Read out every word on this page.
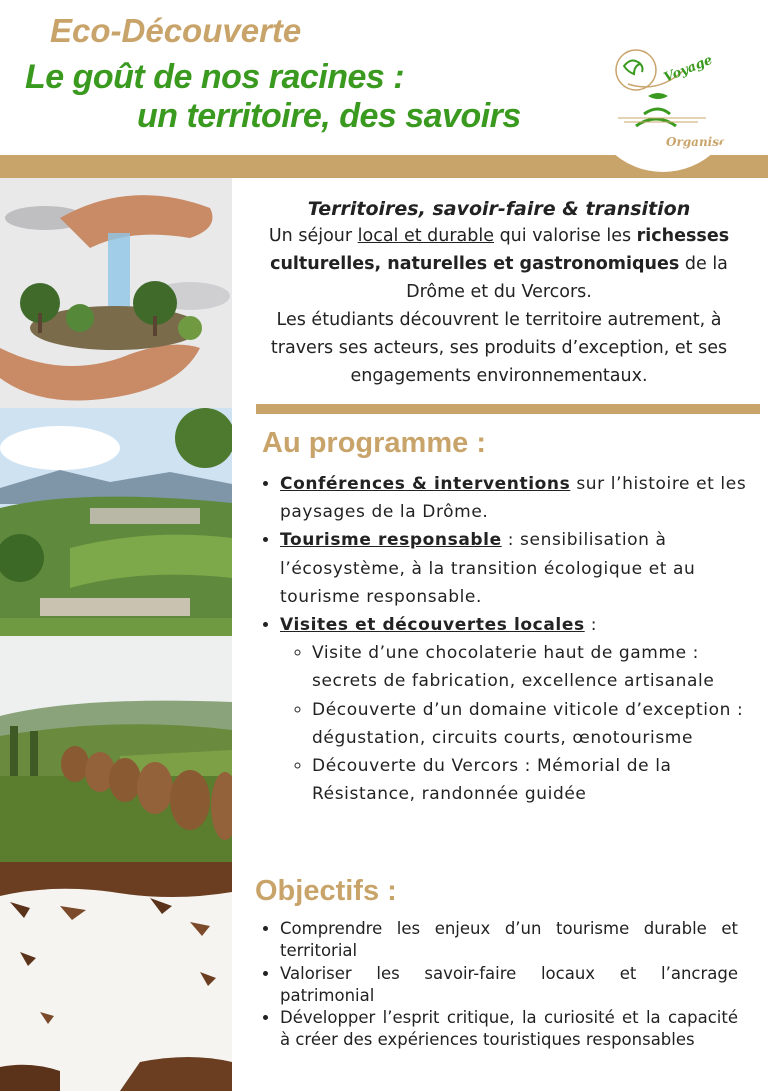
Eco-Découverte
Le goût de nos racines :
un territoire, des savoirs
Voyage
Organise

Territoires, savoir-faire & transition

Un séjour local et durable qui valorise les richesses culturelles, naturelles et gastronomiques de la Drôme et du Vercors.

Les étudiants découvrent le territoire autrement, à travers ses acteurs, ses produits d’exception, et ses engagements environnementaux.

Au programme :
• Conférences & interventions sur l’histoire et les paysages de la Drôme.
• Tourisme responsable : sensibilisation à l’écosystème, à la transition écologique et au tourisme responsable.
• Visites et découvertes locales :
◦ Visite d’une chocolaterie haut de gamme : secrets de fabrication, excellence artisanale
◦ Découverte d’un domaine viticole d’exception : dégustation, circuits courts, œnotourisme
◦ Découverte du Vercors : Mémorial de la Résistance, randonnée guidée
Objectifs :
• Comprendre les enjeux d’un tourisme durable et territorial
• Valoriser les savoir-faire locaux et l’ancrage patrimonial
• Développer l’esprit critique, la curiosité et la capacité à créer des expériences touristiques responsables
